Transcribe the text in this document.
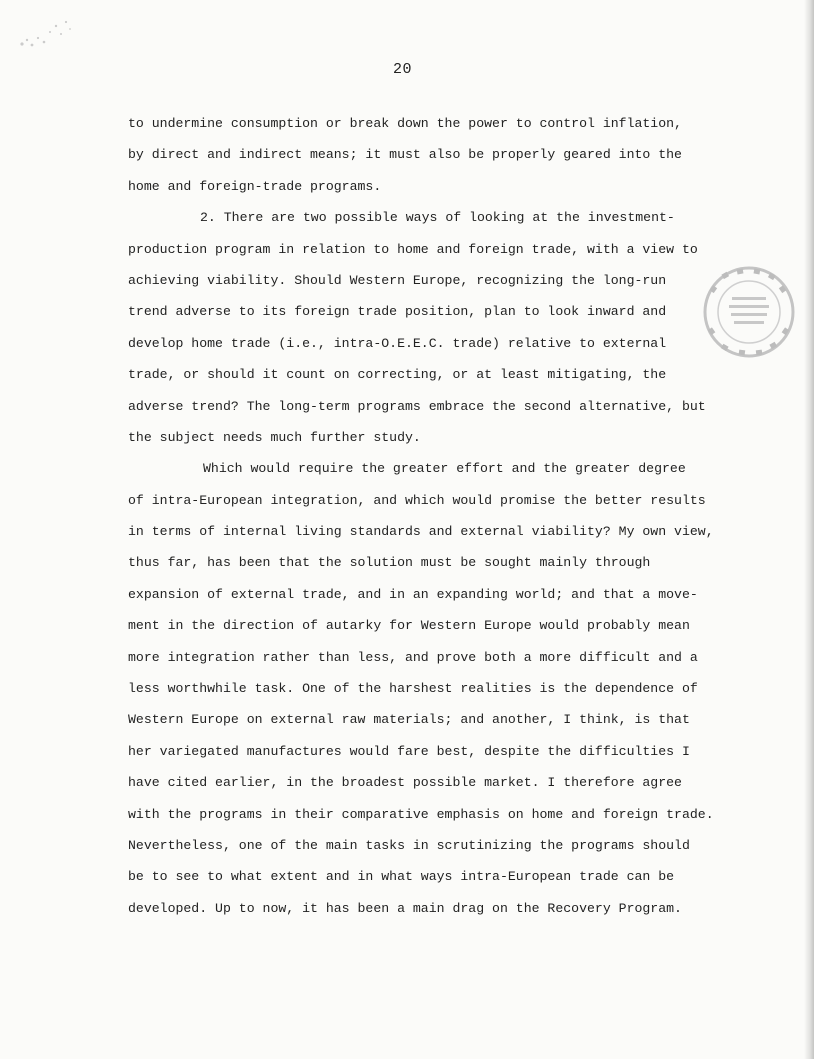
20
to undermine consumption or break down the power to control inflation,
by direct and indirect means; it must also be properly geared into the
home and foreign-trade programs.
2. There are two possible ways of looking at the investment-
production program in relation to home and foreign trade, with a view to
achieving viability. Should Western Europe, recognizing the long-run
trend adverse to its foreign trade position, plan to look inward and
develop home trade (i.e., intra-O.E.E.C. trade) relative to external
trade, or should it count on correcting, or at least mitigating, the
adverse trend? The long-term programs embrace the second alternative, but
the subject needs much further study.
Which would require the greater effort and the greater degree
of intra-European integration, and which would promise the better results
in terms of internal living standards and external viability? My own view,
thus far, has been that the solution must be sought mainly through
expansion of external trade, and in an expanding world; and that a move-
ment in the direction of autarky for Western Europe would probably mean
more integration rather than less, and prove both a more difficult and a
less worthwhile task. One of the harshest realities is the dependence of
Western Europe on external raw materials; and another, I think, is that
her variegated manufactures would fare best, despite the difficulties I
have cited earlier, in the broadest possible market. I therefore agree
with the programs in their comparative emphasis on home and foreign trade.
Nevertheless, one of the main tasks in scrutinizing the programs should
be to see to what extent and in what ways intra-European trade can be
developed. Up to now, it has been a main drag on the Recovery Program.
